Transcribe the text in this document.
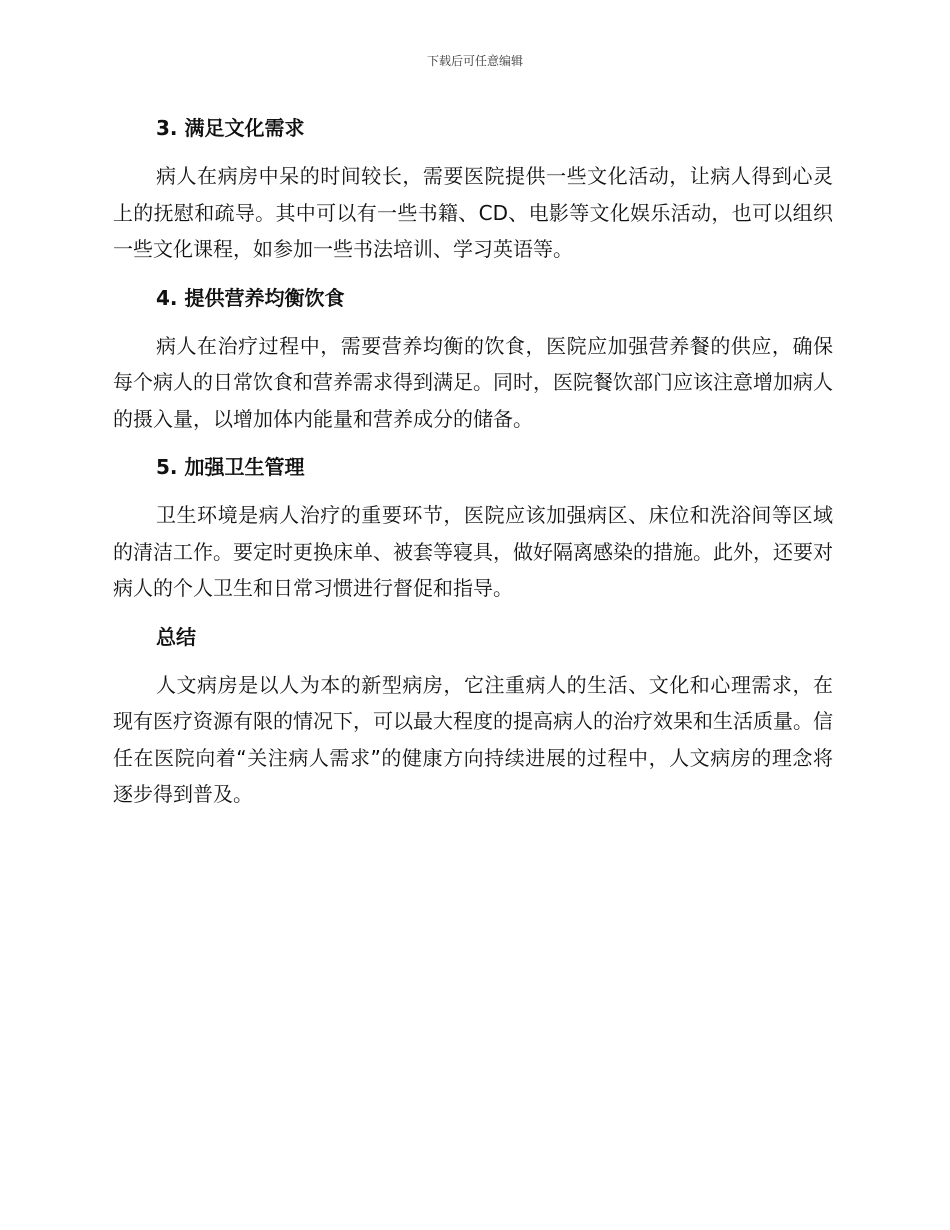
下载后可任意编辑
3. 满足文化需求

病人在病房中呆的时间较长，需要医院提供一些文化活动，让病人得到心灵上的抚慰和疏导。其中可以有一些书籍、CD、电影等文化娱乐活动，也可以组织一些文化课程，如参加一些书法培训、学习英语等。

4. 提供营养均衡饮食

病人在治疗过程中，需要营养均衡的饮食，医院应加强营养餐的供应，确保每个病人的日常饮食和营养需求得到满足。同时，医院餐饮部门应该注意增加病人的摄入量，以增加体内能量和营养成分的储备。

5. 加强卫生管理

卫生环境是病人治疗的重要环节，医院应该加强病区、床位和洗浴间等区域的清洁工作。要定时更换床单、被套等寝具，做好隔离感染的措施。此外，还要对病人的个人卫生和日常习惯进行督促和指导。

总结

人文病房是以人为本的新型病房，它注重病人的生活、文化和心理需求，在现有医疗资源有限的情况下，可以最大程度的提高病人的治疗效果和生活质量。信任在医院向着“关注病人需求”的健康方向持续进展的过程中，人文病房的理念将逐步得到普及。
